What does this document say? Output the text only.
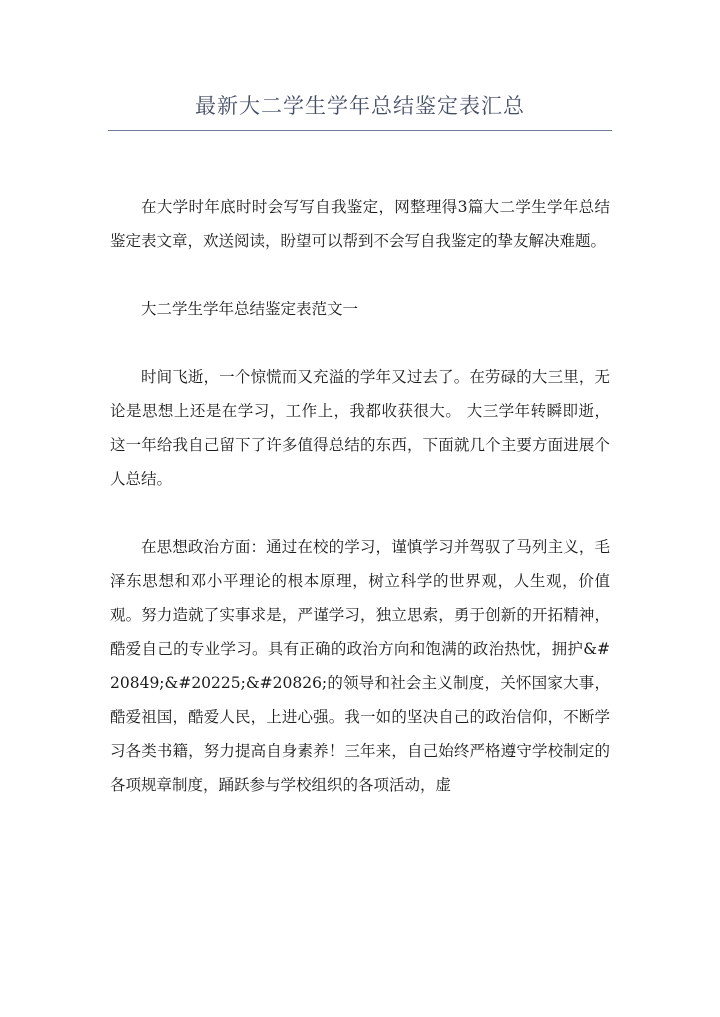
最新大二学生学年总结鉴定表汇总

在大学时年底时时会写写自我鉴定，网整理得3篇大二学生学年总结鉴定表文章，欢送阅读，盼望可以帮到不会写自我鉴定的挚友解决难题。

大二学生学年总结鉴定表范文一

时间飞逝，一个惊慌而又充溢的学年又过去了。在劳碌的大三里，无论是思想上还是在学习，工作上，我都收获很大。 大三学年转瞬即逝，这一年给我自己留下了许多值得总结的东西，下面就几个主要方面进展个人总结。

在思想政治方面：通过在校的学习，谨慎学习并驾驭了马列主义，毛泽东思想和邓小平理论的根本原理，树立科学的世界观，人生观，价值观。努力造就了实事求是，严谨学习，独立思索，勇于创新的开拓精神，酷爱自己的专业学习。具有正确的政治方向和饱满的政治热忱，拥护&#20849;&#20225;&#20826;的领导和社会主义制度，关怀国家大事，酷爱祖国，酷爱人民，上进心强。我一如的坚决自己的政治信仰，不断学习各类书籍，努力提高自身素养！三年来，自己始终严格遵守学校制定的各项规章制度，踊跃参与学校组织的各项活动，虚
